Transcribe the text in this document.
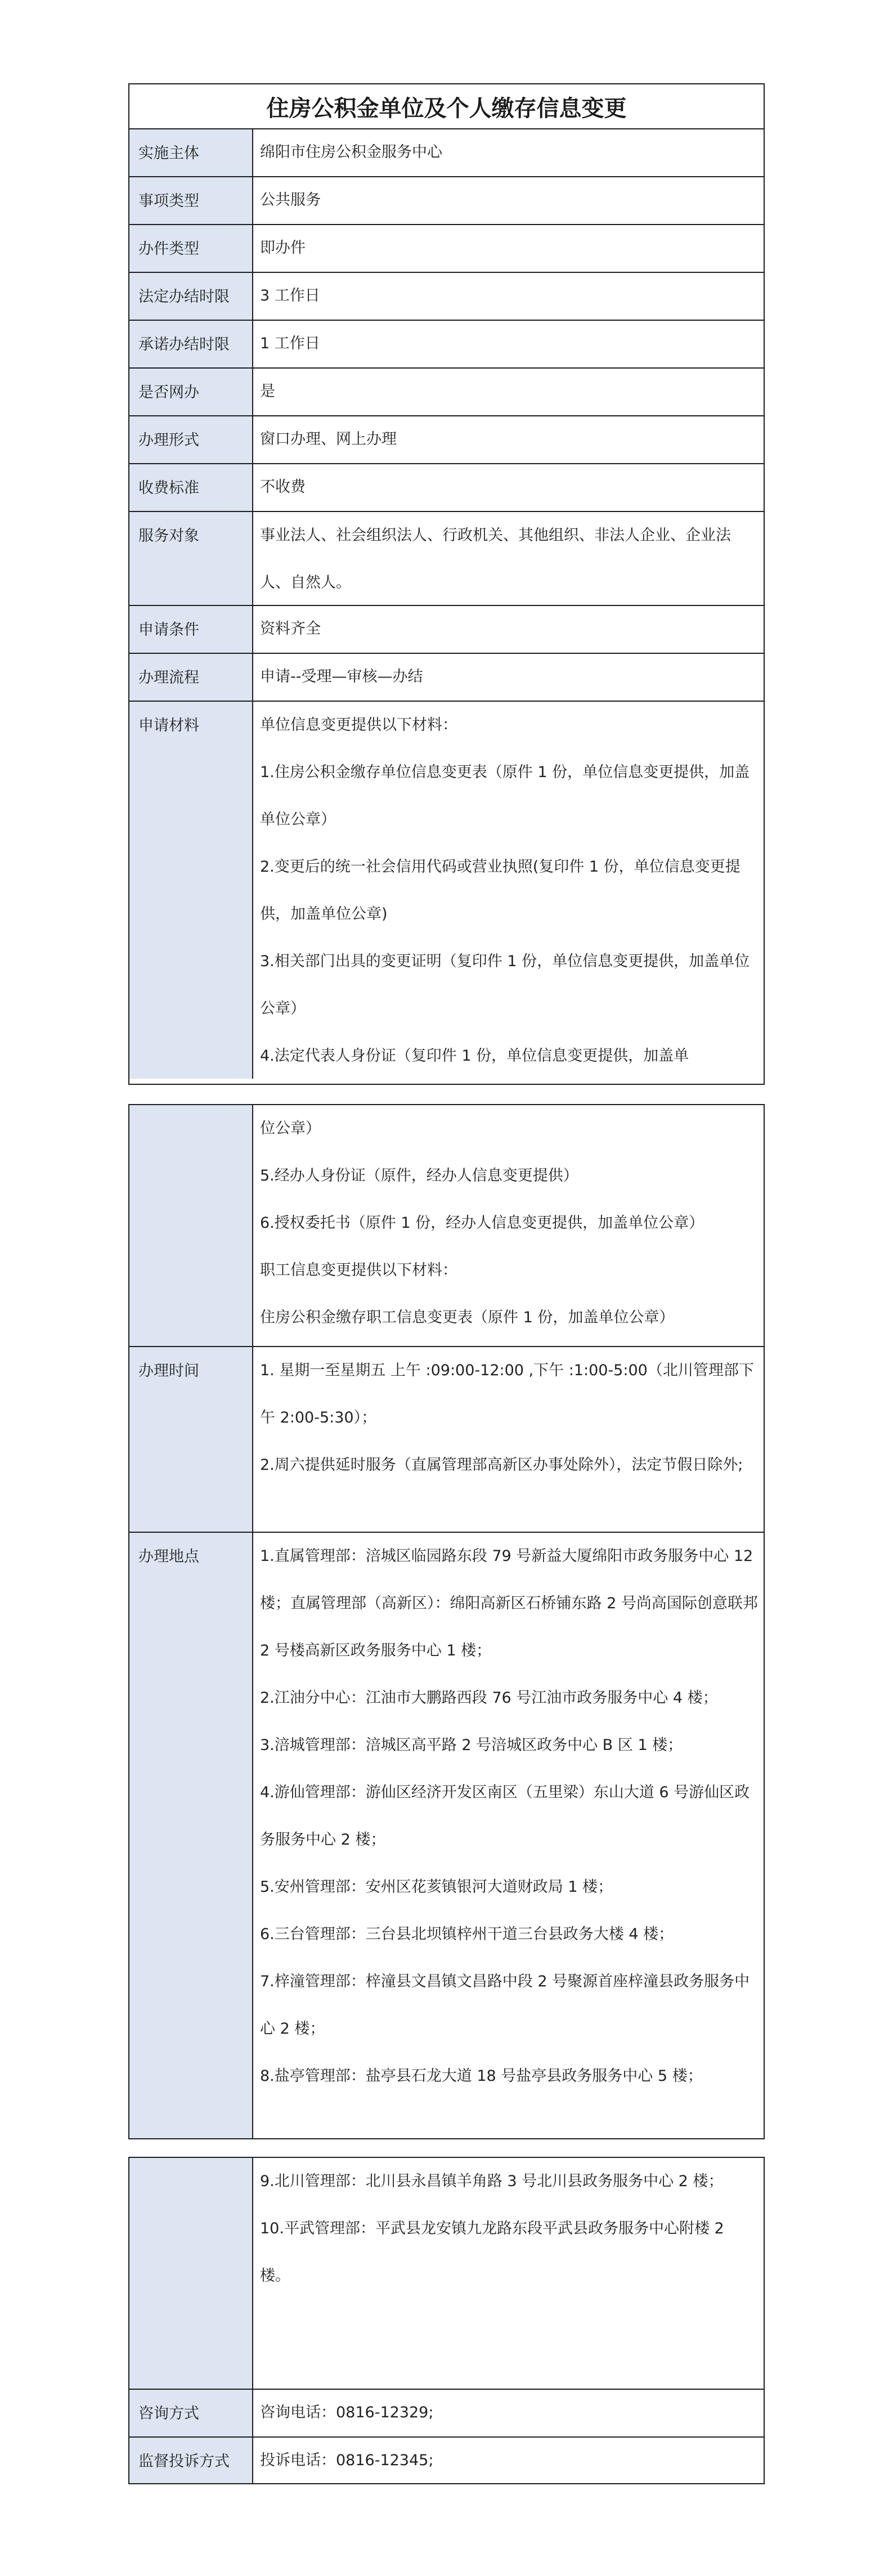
住房公积金单位及个人缴存信息变更
实施主体	绵阳市住房公积金服务中心
事项类型	公共服务
办件类型	即办件
法定办结时限	3 工作日
承诺办结时限	1 工作日
是否网办	是
办理形式	窗口办理、网上办理
收费标准	不收费
服务对象	事业法人、社会组织法人、行政机关、其他组织、非法人企业、企业法人、自然人。
申请条件	资料齐全
办理流程	申请--受理—审核—办结
申请材料	单位信息变更提供以下材料：

1.住房公积金缴存单位信息变更表（原件 1 份，单位信息变更提供，加盖单位公章）

2.变更后的统一社会信用代码或营业执照(复印件 1 份，单位信息变更提供，加盖单位公章)

3.相关部门出具的变更证明（复印件 1 份，单位信息变更提供，加盖单位公章）

4.法定代表人身份证（复印件 1 份，单位信息变更提供，加盖单

位公章）

5.经办人身份证（原件，经办人信息变更提供）

6.授权委托书（原件 1 份，经办人信息变更提供，加盖单位公章）

职工信息变更提供以下材料：

住房公积金缴存职工信息变更表（原件 1 份，加盖单位公章）

办理时间	1. 星期一至星期五 上午 :09:00-12:00 ,下午 :1:00-5:00（北川管理部下午 2:00-5:30）；

2.周六提供延时服务（直属管理部高新区办事处除外），法定节假日除外;

办理地点	1.直属管理部：涪城区临园路东段 79 号新益大厦绵阳市政务服务中心 12 楼；直属管理部（高新区）：绵阳高新区石桥铺东路 2 号尚高国际创意联邦 2 号楼高新区政务服务中心 1 楼；

2.江油分中心：江油市大鹏路西段 76 号江油市政务服务中心 4 楼；

3.涪城管理部：涪城区高平路 2 号涪城区政务中心 B 区 1 楼；

4.游仙管理部：游仙区经济开发区南区（五里梁）东山大道 6 号游仙区政务服务中心 2 楼；

5.安州管理部：安州区花荄镇银河大道财政局 1 楼；

6.三台管理部：三台县北坝镇梓州干道三台县政务大楼 4 楼；

7.梓潼管理部：梓潼县文昌镇文昌路中段 2 号聚源首座梓潼县政务服务中心 2 楼；

8.盐亭管理部：盐亭县石龙大道 18 号盐亭县政务服务中心 5 楼；

9.北川管理部：北川县永昌镇羊角路 3 号北川县政务服务中心 2 楼；

10.平武管理部：平武县龙安镇九龙路东段平武县政务服务中心附楼 2 楼。

咨询方式	咨询电话：0816-12329;
监督投诉方式	投诉电话：0816-12345;
